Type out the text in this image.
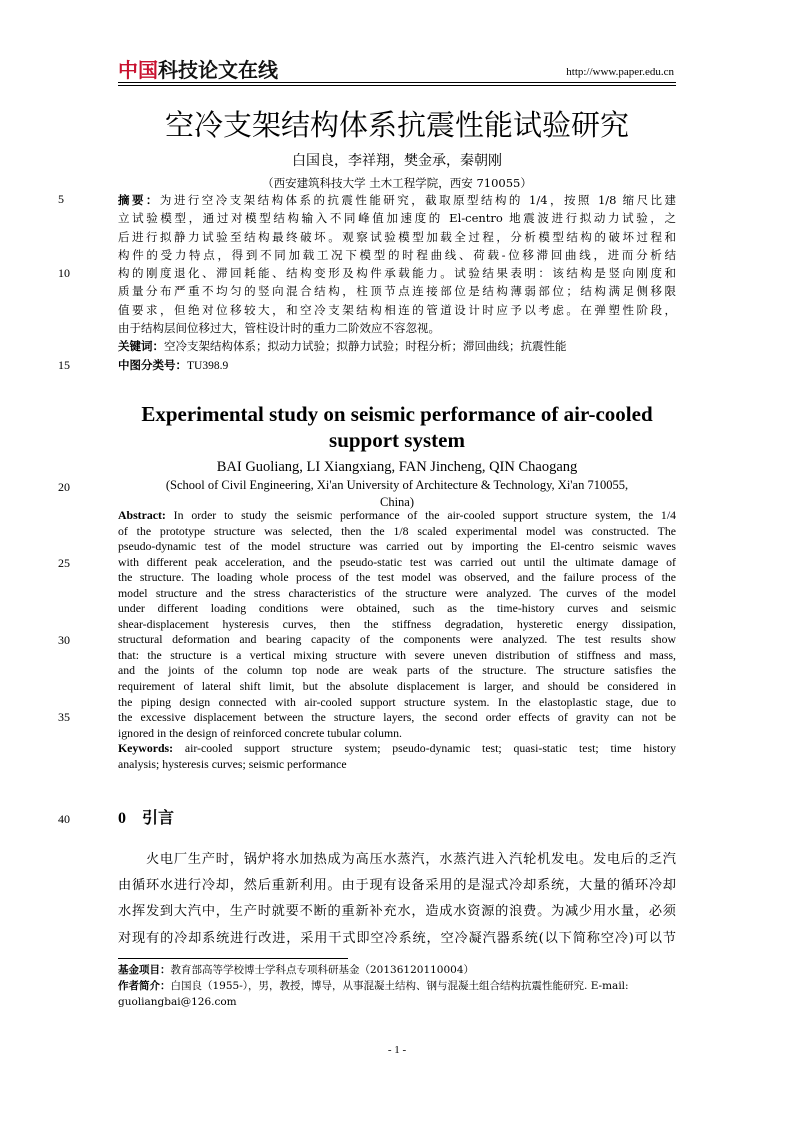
中国科技论文在线	http://www.paper.edu.cn
空冷支架结构体系抗震性能试验研究
白国良，李祥翔，樊金承，秦朝刚
（西安建筑科技大学 土木工程学院，西安 710055）
5
10
15
20
25
30
35
40
摘要：为进行空冷支架结构体系的抗震性能研究，截取原型结构的 1/4，按照 1/8 缩尺比建
立试验模型，通过对模型结构输入不同峰值加速度的 El-centro 地震波进行拟动力试验，之
后进行拟静力试验至结构最终破坏。观察试验模型加载全过程，分析模型结构的破坏过程和
构件的受力特点，得到不同加载工况下模型的时程曲线、荷载-位移滞回曲线，进而分析结
构的刚度退化、滞回耗能、结构变形及构件承载能力。试验结果表明：该结构是竖向刚度和
质量分布严重不均匀的竖向混合结构，柱顶节点连接部位是结构薄弱部位；结构满足侧移限
值要求，但绝对位移较大，和空冷支架结构相连的管道设计时应予以考虑。在弹塑性阶段，
由于结构层间位移过大，管柱设计时的重力二阶效应不容忽视。
关键词：空冷支架结构体系；拟动力试验；拟静力试验；时程分析；滞回曲线；抗震性能
中图分类号：TU398.9
Experimental study on seismic performance of air-cooled
support system
BAI Guoliang, LI Xiangxiang, FAN Jincheng, QIN Chaogang
(School of Civil Engineering, Xi'an University of Architecture & Technology, Xi'an 710055,
China)
Abstract: In order to study the seismic performance of the air-cooled support structure system, the 1/4
of the prototype structure was selected, then the 1/8 scaled experimental model was constructed. The
pseudo-dynamic test of the model structure was carried out by importing the El-centro seismic waves
with different peak acceleration, and the pseudo-static test was carried out until the ultimate damage of
the structure. The loading whole process of the test model was observed, and the failure process of the
model structure and the stress characteristics of the structure were analyzed. The curves of the model
under different loading conditions were obtained, such as the time-history curves and seismic
shear-displacement hysteresis curves, then the stiffness degradation, hysteretic energy dissipation,
structural deformation and bearing capacity of the components were analyzed. The test results show
that: the structure is a vertical mixing structure with severe uneven distribution of stiffness and mass,
and the joints of the column top node are weak parts of the structure. The structure satisfies the
requirement of lateral shift limit, but the absolute displacement is larger, and should be considered in
the piping design connected with air-cooled support structure system. In the elastoplastic stage, due to
the excessive displacement between the structure layers, the second order effects of gravity can not be
ignored in the design of reinforced concrete tubular column.
Keywords: air-cooled support structure system; pseudo-dynamic test; quasi-static test; time history
analysis; hysteresis curves; seismic performance
0 引言
　　火电厂生产时，锅炉将水加热成为高压水蒸汽，水蒸汽进入汽轮机发电。发电后的乏汽
由循环水进行冷却，然后重新利用。由于现有设备采用的是湿式冷却系统，大量的循环冷却
水挥发到大汽中，生产时就要不断的重新补充水，造成水资源的浪费。为减少用水量，必须
对现有的冷却系统进行改进，采用干式即空冷系统，空冷凝汽器系统(以下简称空冷)可以节
基金项目：教育部高等学校博士学科点专项科研基金（20136120110004）
作者简介：白国良（1955-），男，教授，博导，从事混凝土结构、钢与混凝土组合结构抗震性能研究. E-mail:
guoliangbai@126.com
- 1 -
